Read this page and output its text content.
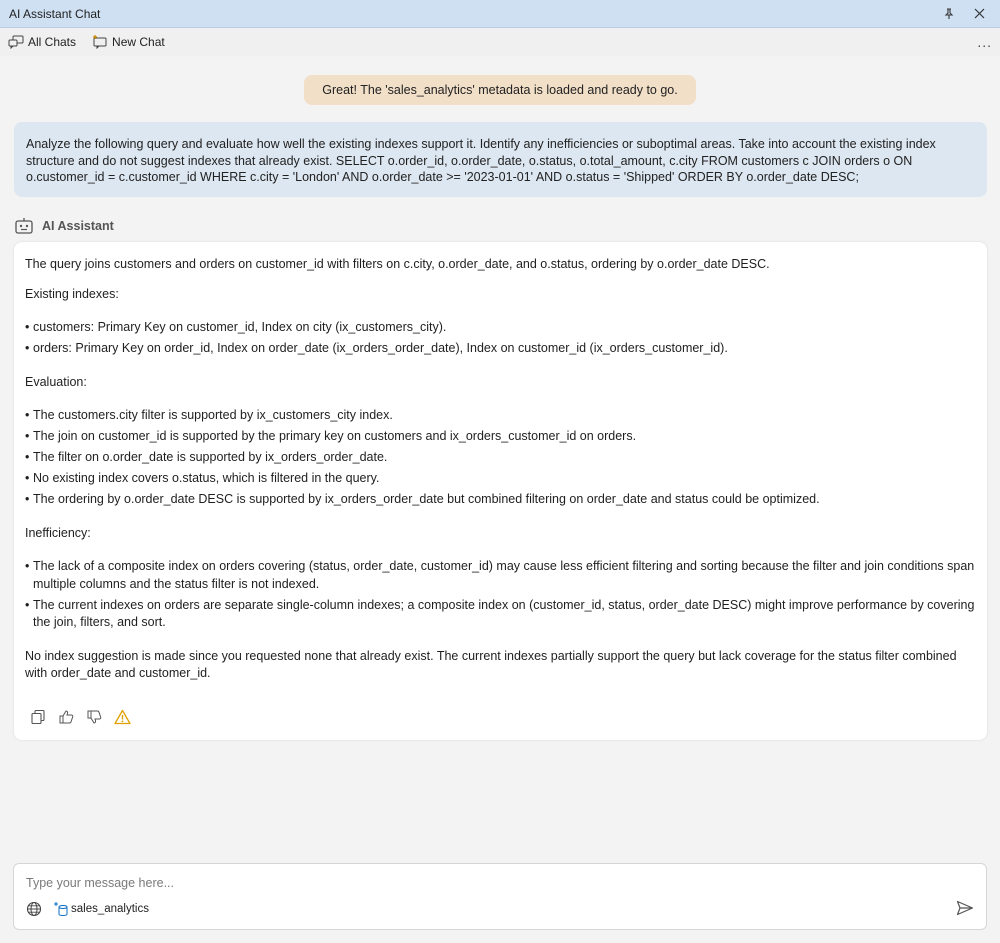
AI Assistant Chat
All Chats	New Chat	...
Great! The 'sales_analytics' metadata is loaded and ready to go.
Analyze the following query and evaluate how well the existing indexes support it. Identify any inefficiencies or suboptimal areas. Take into account the existing index structure and do not suggest indexes that already exist. SELECT o.order_id, o.order_date, o.status, o.total_amount, c.city FROM customers c JOIN orders o ON o.customer_id = c.customer_id WHERE c.city = 'London' AND o.order_date >= '2023-01-01' AND o.status = 'Shipped' ORDER BY o.order_date DESC;
AI Assistant

The query joins customers and orders on customer_id with filters on c.city, o.order_date, and o.status, ordering by o.order_date DESC.

Existing indexes:

• customers: Primary Key on customer_id, Index on city (ix_customers_city).
• orders: Primary Key on order_id, Index on order_date (ix_orders_order_date), Index on customer_id (ix_orders_customer_id).

Evaluation:

• The customers.city filter is supported by ix_customers_city index.
• The join on customer_id is supported by the primary key on customers and ix_orders_customer_id on orders.
• The filter on o.order_date is supported by ix_orders_order_date.
• No existing index covers o.status, which is filtered in the query.
• The ordering by o.order_date DESC is supported by ix_orders_order_date but combined filtering on order_date and status could be optimized.

Inefficiency:

• The lack of a composite index on orders covering (status, order_date, customer_id) may cause less efficient filtering and sorting because the filter and join conditions span multiple columns and the status filter is not indexed.
• The current indexes on orders are separate single-column indexes; a composite index on (customer_id, status, order_date DESC) might improve performance by covering the join, filters, and sort.

No index suggestion is made since you requested none that already exist. The current indexes partially support the query but lack coverage for the status filter combined with order_date and customer_id.

Type your message here...
sales_analytics
